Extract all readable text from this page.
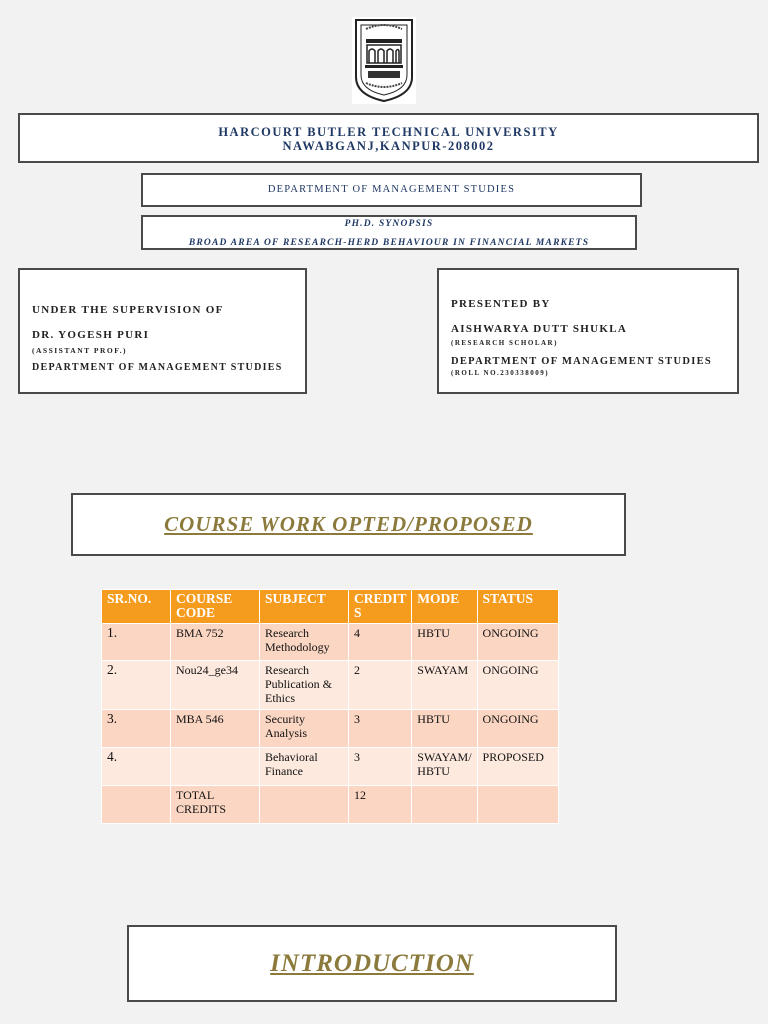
HARCOURT BUTLER TECHNICAL UNIVERSITY
NAWABGANJ,KANPUR-208002
DEPARTMENT OF MANAGEMENT STUDIES
PH.D. SYNOPSIS
BROAD AREA OF RESEARCH-HERD BEHAVIOUR IN FINANCIAL MARKETS
UNDER THE SUPERVISION OF
DR. YOGESH PURI
(ASSISTANT PROF.)
DEPARTMENT OF MANAGEMENT STUDIES
PRESENTED BY
AISHWARYA DUTT SHUKLA
(RESEARCH SCHOLAR)
DEPARTMENT OF MANAGEMENT STUDIES
(ROLL NO.230338009)
COURSE WORK OPTED/PROPOSED
SR.NO.	COURSE CODE	SUBJECT	CREDIT S	MODE	STATUS
1.	BMA 752	Research Methodology	4	HBTU	ONGOING
2.	Nou24_ge34	Research Publication & Ethics	2	SWAYAM	ONGOING
3.	MBA 546	Security Analysis	3	HBTU	ONGOING
4.		Behavioral Finance	3	SWAYAM/ HBTU	PROPOSED
	TOTAL CREDITS		12		
INTRODUCTION
